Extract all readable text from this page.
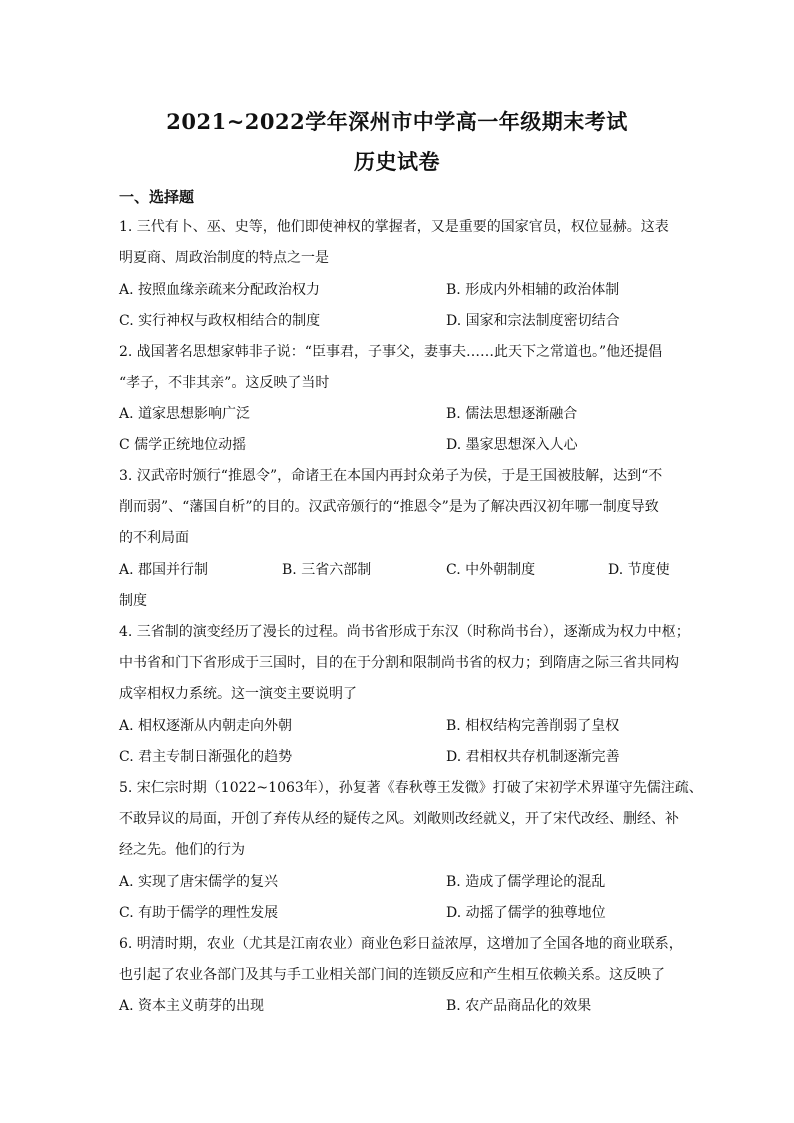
2021~2022学年深州市中学高一年级期末考试
历史试卷
一、选择题
1. 三代有卜、巫、史等，他们即使神权的掌握者，又是重要的国家官员，权位显赫。这表
明夏商、周政治制度的特点之一是
A. 按照血缘亲疏来分配政治权力	B. 形成内外相辅的政治体制
C. 实行神权与政权相结合的制度	D. 国家和宗法制度密切结合
2. 战国著名思想家韩非子说：“臣事君，子事父，妻事夫……此天下之常道也。”他还提倡
“孝子，不非其亲”。这反映了当时
A. 道家思想影响广泛	B. 儒法思想逐渐融合
C 儒学正统地位动摇	D. 墨家思想深入人心
3. 汉武帝时颁行“推恩令”，命诸王在本国内再封众弟子为侯，于是王国被肢解，达到“不
削而弱”、“藩国自析”的目的。汉武帝颁行的“推恩令”是为了解决西汉初年哪一制度导致
的不利局面
A. 郡国并行制	B. 三省六部制	C. 中外朝制度	D. 节度使
制度
4. 三省制的演变经历了漫长的过程。尚书省形成于东汉（时称尚书台），逐渐成为权力中枢；
中书省和门下省形成于三国时，目的在于分割和限制尚书省的权力；到隋唐之际三省共同构
成宰相权力系统。这一演变主要说明了
A. 相权逐渐从内朝走向外朝	B. 相权结构完善削弱了皇权
C. 君主专制日渐强化的趋势	D. 君相权共存机制逐渐完善
5. 宋仁宗时期（1022~1063年），孙复著《春秋尊王发微》打破了宋初学术界谨守先儒注疏、
不敢异议的局面，开创了弃传从经的疑传之风。刘敞则改经就义，开了宋代改经、删经、补
经之先。他们的行为
A. 实现了唐宋儒学的复兴	B. 造成了儒学理论的混乱
C. 有助于儒学的理性发展	D. 动摇了儒学的独尊地位
6. 明清时期，农业（尤其是江南农业）商业色彩日益浓厚，这增加了全国各地的商业联系，
也引起了农业各部门及其与手工业相关部门间的连锁反应和产生相互依赖关系。这反映了
A. 资本主义萌芽的出现	B. 农产品商品化的效果
